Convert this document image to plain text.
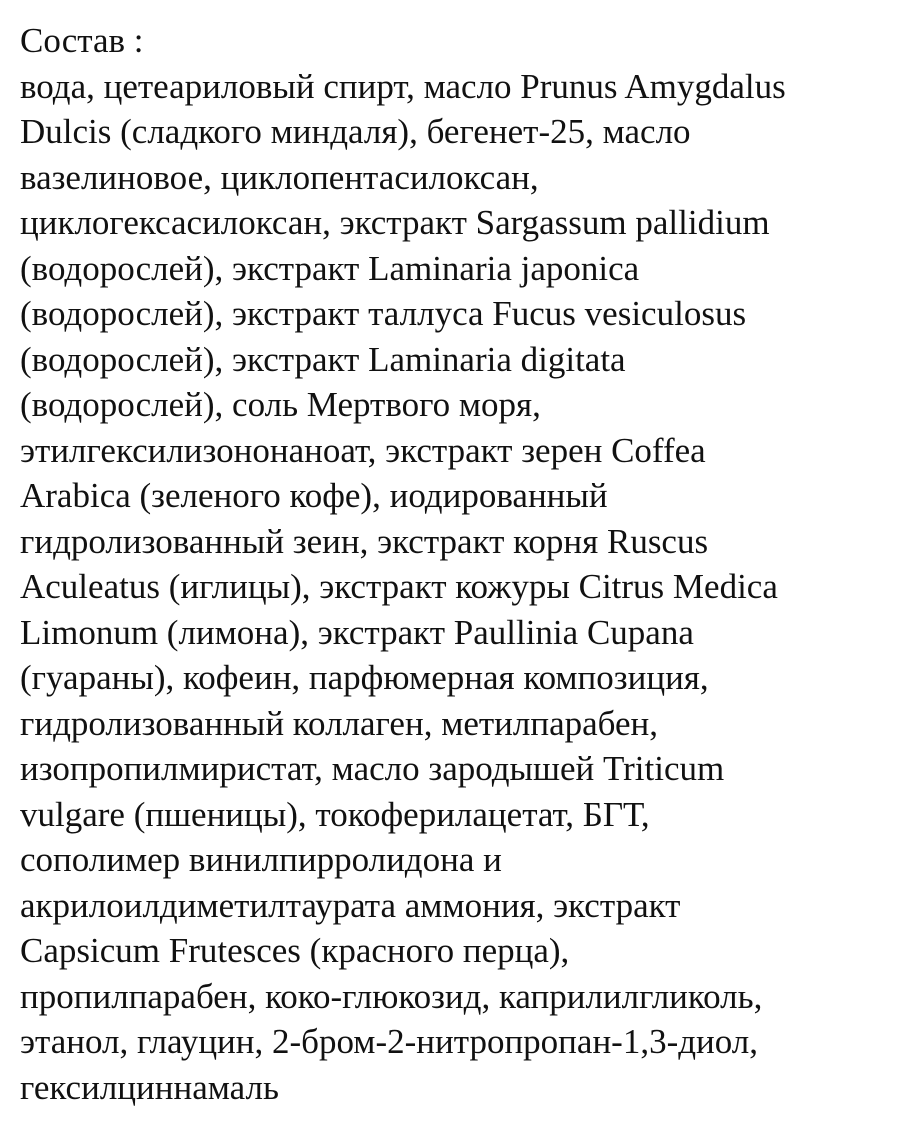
Состав :
вода, цетеариловый спирт, масло Prunus Amygdalus
Dulcis (сладкого миндаля), бегенет-25, масло
вазелиновое, циклопентасилоксан,
циклогексасилоксан, экстракт Sargassum pallidium
(водорослей), экстракт Laminaria japonica
(водорослей), экстракт таллуса Fucus vesiculosus
(водорослей), экстракт Laminaria digitata
(водорослей), соль Мертвого моря,
этилгексилизононаноат, экстракт зерен Coffea
Arabica (зеленого кофе), иодированный
гидролизованный зеин, экстракт корня Ruscus
Aculeatus (иглицы), экстракт кожуры Citrus Medica
Limonum (лимона), экстракт Paullinia Cupana
(гуараны), кофеин, парфюмерная композиция,
гидролизованный коллаген, метилпарабен,
изопропилмиристат, масло зародышей Triticum
vulgare (пшеницы), токоферилацетат, БГТ,
сополимер винилпирролидона и
акрилоилдиметилтаурата аммония, экстракт
Capsicum Frutesces (красного перца),
пропилпарабен, коко-глюкозид, каприлилгликоль,
этанол, глауцин, 2-бром-2-нитропропан-1,3-диол,
гексилциннамаль
